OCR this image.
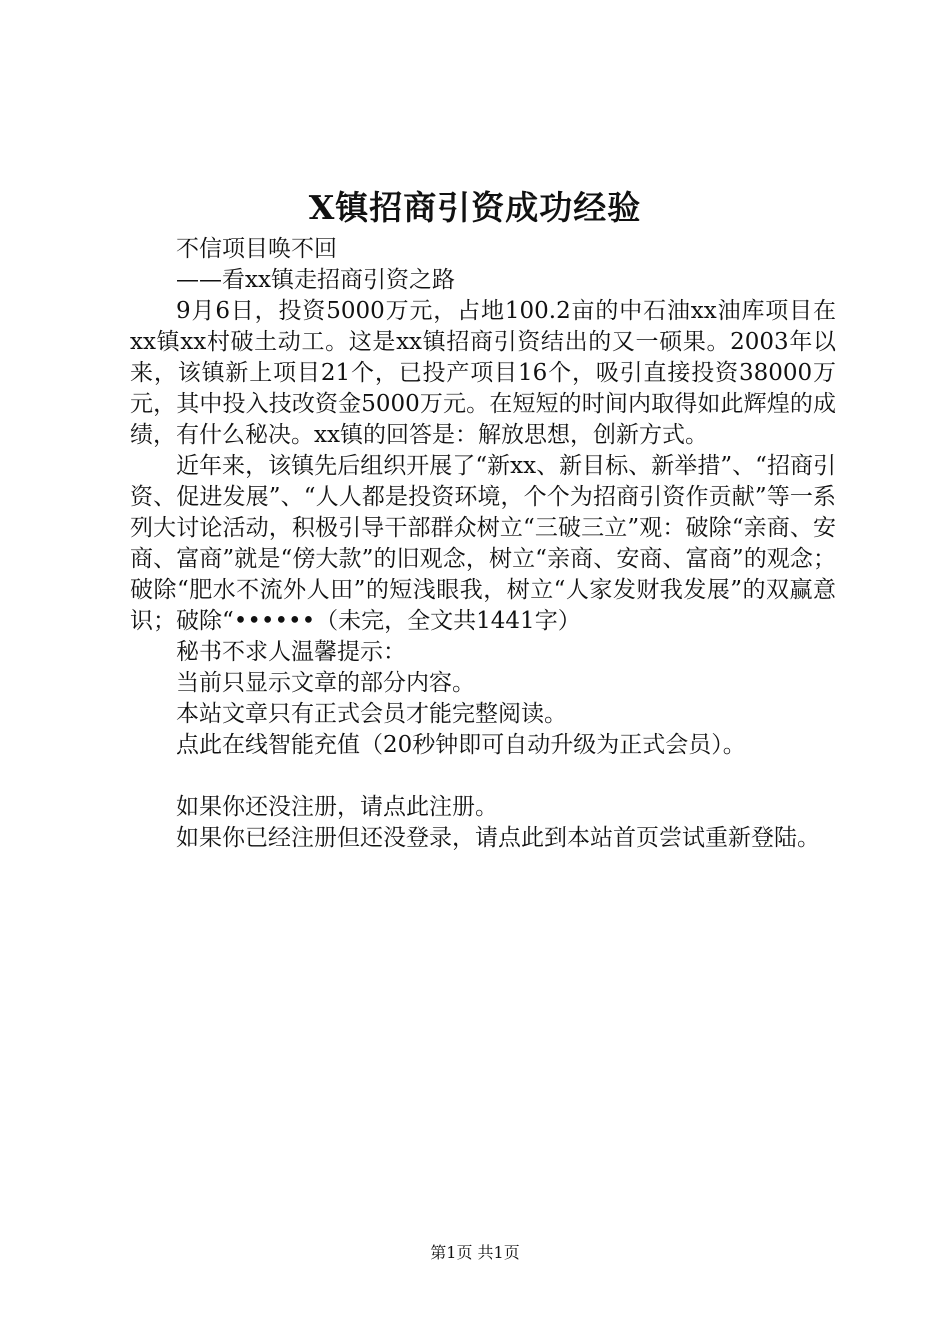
X镇招商引资成功经验

不信项目唤不回

——看xx镇走招商引资之路

9月6日，投资5000万元，占地100.2亩的中石油xx油库项目在xx镇xx村破土动工。这是xx镇招商引资结出的又一硕果。2003年以来，该镇新上项目21个，已投产项目16个，吸引直接投资38000万元，其中投入技改资金5000万元。在短短的时间内取得如此辉煌的成绩，有什么秘决。xx镇的回答是：解放思想，创新方式。

近年来，该镇先后组织开展了“新xx、新目标、新举措”、“招商引资、促进发展”、“人人都是投资环境，个个为招商引资作贡献”等一系列大讨论活动，积极引导干部群众树立“三破三立”观：破除“亲商、安商、富商”就是“傍大款”的旧观念，树立“亲商、安商、富商”的观念；破除“肥水不流外人田”的短浅眼我，树立“人家发财我发展”的双赢意识；破除“••••••（未完，全文共1441字）

秘书不求人温馨提示：

当前只显示文章的部分内容。

本站文章只有正式会员才能完整阅读。

点此在线智能充值（20秒钟即可自动升级为正式会员）。

如果你还没注册，请点此注册。

如果你已经注册但还没登录，请点此到本站首页尝试重新登陆。

第1页 共1页
